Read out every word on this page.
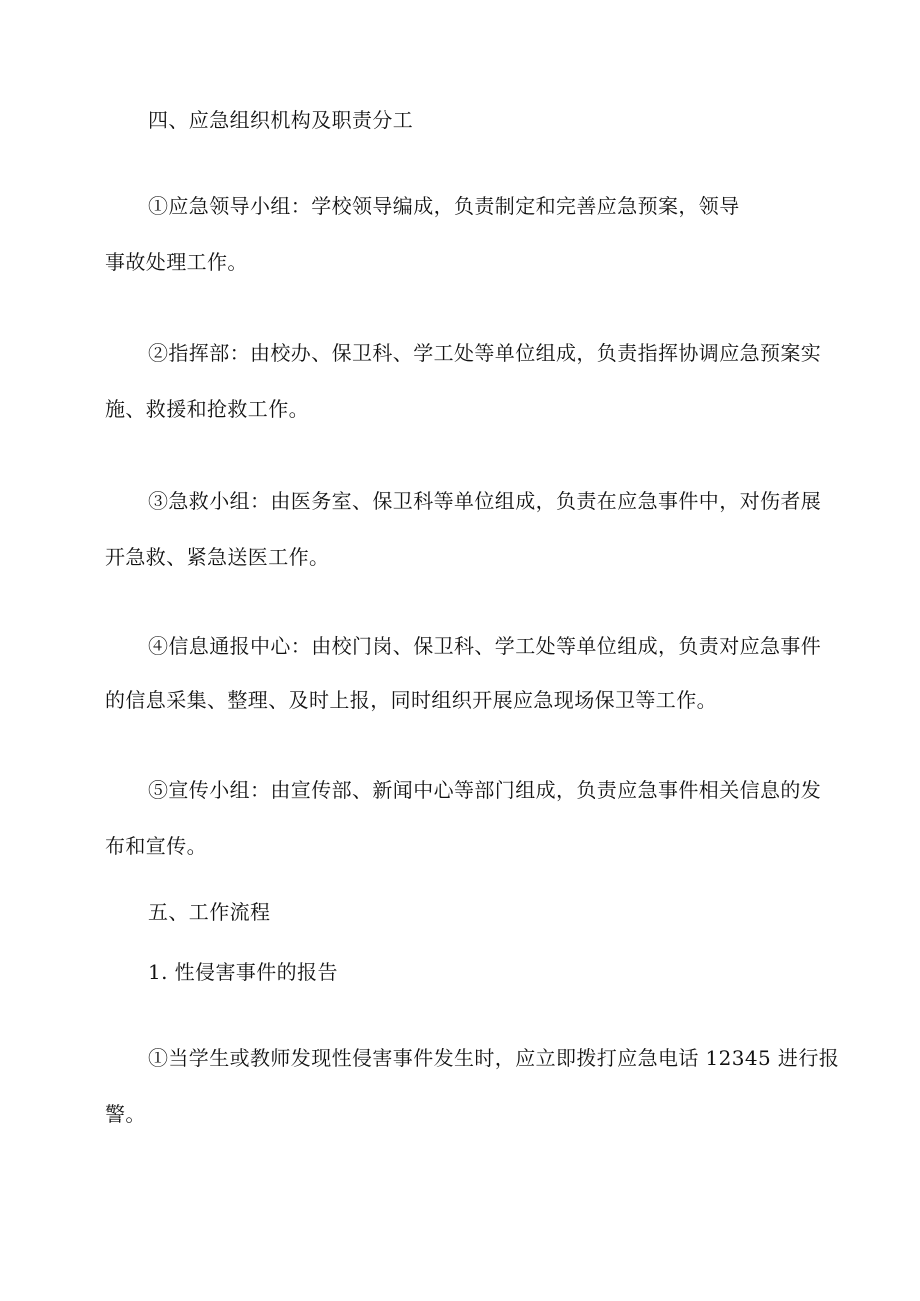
四、应急组织机构及职责分工
①应急领导小组：学校领导编成，负责制定和完善应急预案，领导
事故处理工作。
②指挥部：由校办、保卫科、学工处等单位组成，负责指挥协调应急预案实
施、救援和抢救工作。
③急救小组：由医务室、保卫科等单位组成，负责在应急事件中，对伤者展
开急救、紧急送医工作。
④信息通报中心：由校门岗、保卫科、学工处等单位组成，负责对应急事件
的信息采集、整理、及时上报，同时组织开展应急现场保卫等工作。
⑤宣传小组：由宣传部、新闻中心等部门组成，负责应急事件相关信息的发
布和宣传。
五、工作流程
1. 性侵害事件的报告
①当学生或教师发现性侵害事件发生时，应立即拨打应急电话 12345 进行报
警。
